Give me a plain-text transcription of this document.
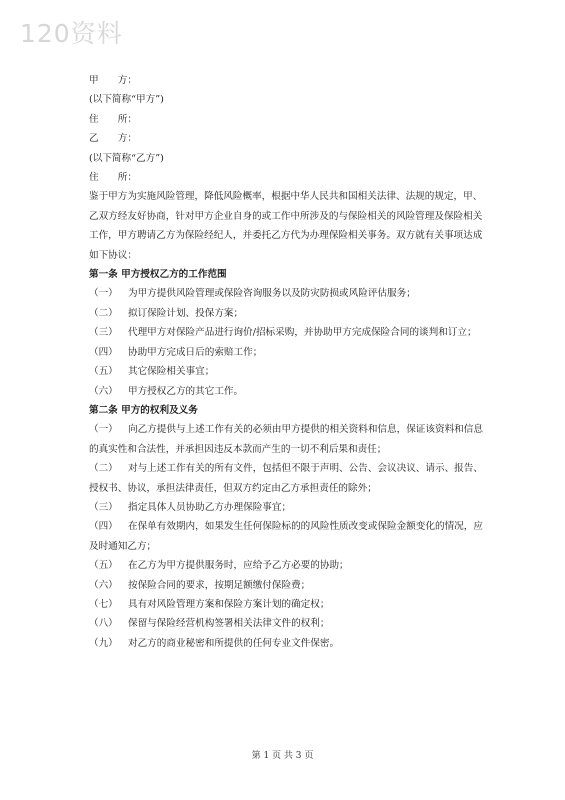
120资料

甲　　方：

(以下简称“甲方”)

住　　所：

乙　　方：

(以下简称“乙方”)

住　　所：

鉴于甲方为实施风险管理，降低风险概率，根据中华人民共和国相关法律、法规的规定，甲、乙双方经友好协商，针对甲方企业自身的或工作中所涉及的与保险相关的风险管理及保险相关工作，甲方聘请乙方为保险经纪人，并委托乙方代为办理保险相关事务。双方就有关事项达成如下协议：

第一条 甲方授权乙方的工作范围

（一） 为甲方提供风险管理或保险咨询服务以及防灾防损或风险评估服务；

（二） 拟订保险计划、投保方案；

（三） 代理甲方对保险产品进行询价/招标采购，并协助甲方完成保险合同的谈判和订立；

（四） 协助甲方完成日后的索赔工作；

（五） 其它保险相关事宜；

（六） 甲方授权乙方的其它工作。

第二条 甲方的权利及义务

（一） 向乙方提供与上述工作有关的必须由甲方提供的相关资料和信息，保证该资料和信息的真实性和合法性，并承担因违反本款而产生的一切不利后果和责任；

（二） 对与上述工作有关的所有文件，包括但不限于声明、公告、会议决议、请示、报告、授权书、协议，承担法律责任，但双方约定由乙方承担责任的除外；

（三） 指定具体人员协助乙方办理保险事宜；

（四） 在保单有效期内，如果发生任何保险标的的风险性质改变或保险金额变化的情况，应及时通知乙方；

（五） 在乙方为甲方提供服务时，应给予乙方必要的协助；

（六） 按保险合同的要求，按期足额缴付保险费；

（七） 具有对风险管理方案和保险方案计划的确定权；

（八） 保留与保险经营机构签署相关法律文件的权利；

（九） 对乙方的商业秘密和所提供的任何专业文件保密。

第 1 页 共 3 页
